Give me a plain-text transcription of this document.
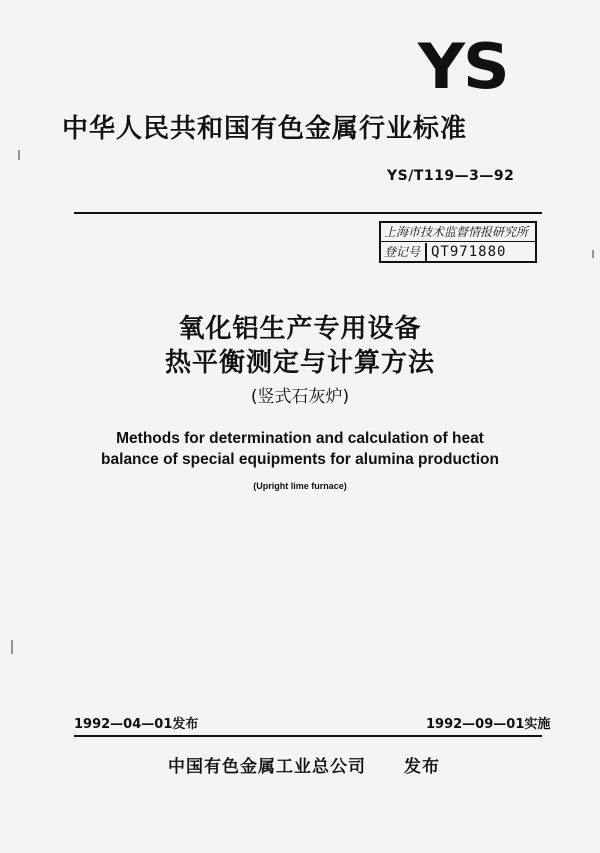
YS
中华人民共和国有色金属行业标准
YS/T119—3—92
上海市技术监督情报研究所
登记号 QT971880
氧化铝生产专用设备
热平衡测定与计算方法
(竖式石灰炉)
Methods for determination and calculation of heat
balance of special equipments for alumina production
(Upright lime furnace)
1992—04—01发布	1992—09—01实施
中国有色金属工业总公司 发布
